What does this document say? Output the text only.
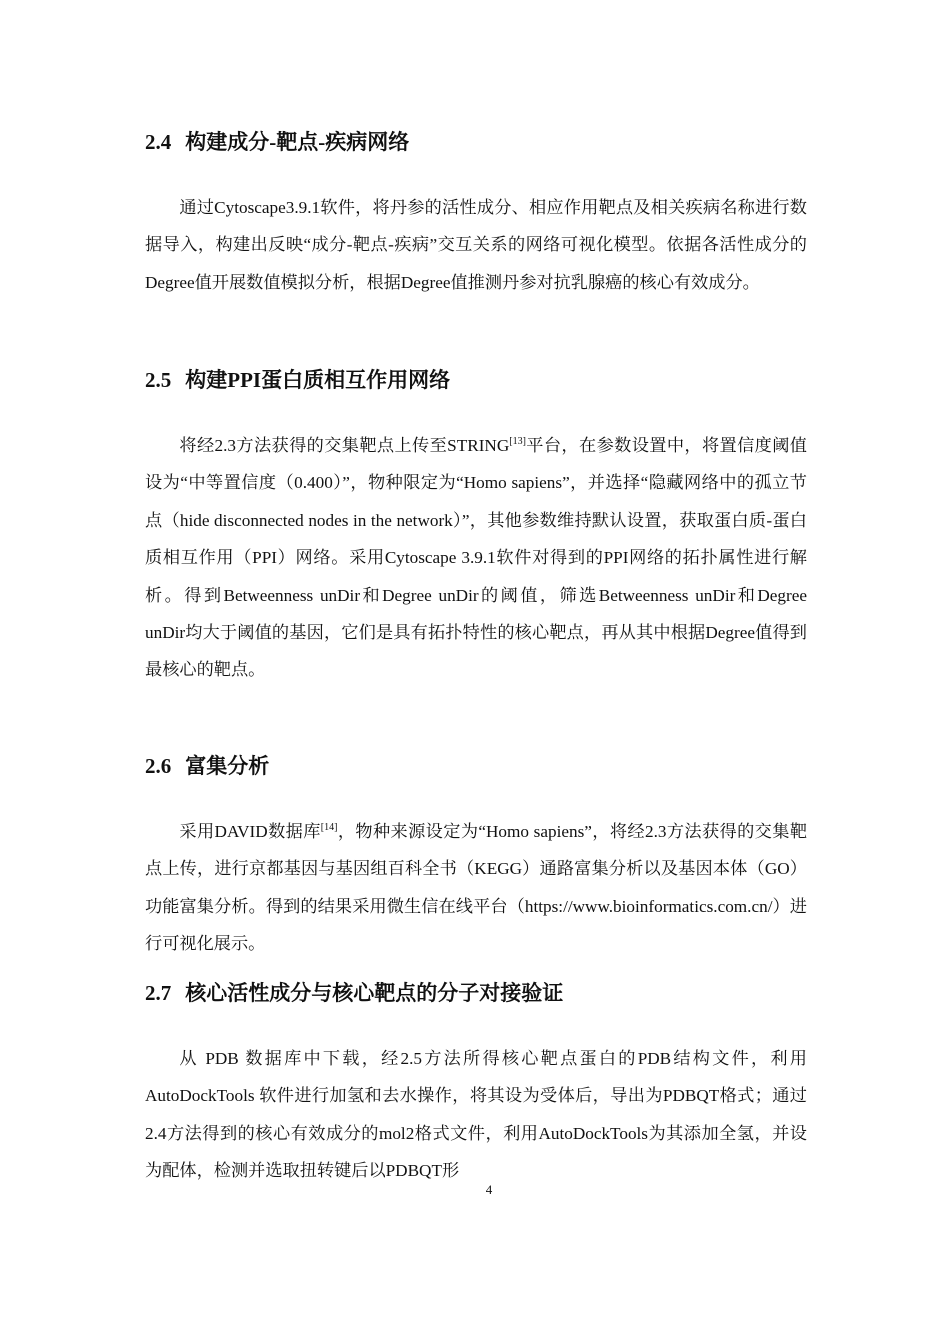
2.4 构建成分-靶点-疾病网络

通过Cytoscape3.9.1软件，将丹参的活性成分、相应作用靶点及相关疾病名称进行数据导入，构建出反映“成分-靶点-疾病”交互关系的网络可视化模型。依据各活性成分的Degree值开展数值模拟分析，根据Degree值推测丹参对抗乳腺癌的核心有效成分。

2.5 构建PPI蛋白质相互作用网络

将经2.3方法获得的交集靶点上传至STRING[13]平台，在参数设置中，将置信度阈值设为“中等置信度（0.400）”，物种限定为“Homo sapiens”，并选择“隐藏网络中的孤立节点（hide disconnected nodes in the network）”，其他参数维持默认设置，获取蛋白质-蛋白质相互作用（PPI）网络。采用Cytoscape 3.9.1软件对得到的PPI网络的拓扑属性进行解析。得到Betweenness unDir和Degree unDir的阈值，筛选Betweenness unDir和Degree unDir均大于阈值的基因，它们是具有拓扑特性的核心靶点，再从其中根据Degree值得到最核心的靶点。

2.6 富集分析

采用DAVID数据库[14]，物种来源设定为“Homo sapiens”，将经2.3方法获得的交集靶点上传，进行京都基因与基因组百科全书（KEGG）通路富集分析以及基因本体（GO）功能富集分析。得到的结果采用微生信在线平台（https://www.bioinformatics.com.cn/）进行可视化展示。

2.7 核心活性成分与核心靶点的分子对接验证

从 PDB 数据库中下载，经2.5方法所得核心靶点蛋白的PDB结构文件，利用 AutoDockTools 软件进行加氢和去水操作，将其设为受体后，导出为PDBQT格式；通过2.4方法得到的核心有效成分的mol2格式文件，利用AutoDockTools为其添加全氢，并设为配体，检测并选取扭转键后以PDBQT形

4
